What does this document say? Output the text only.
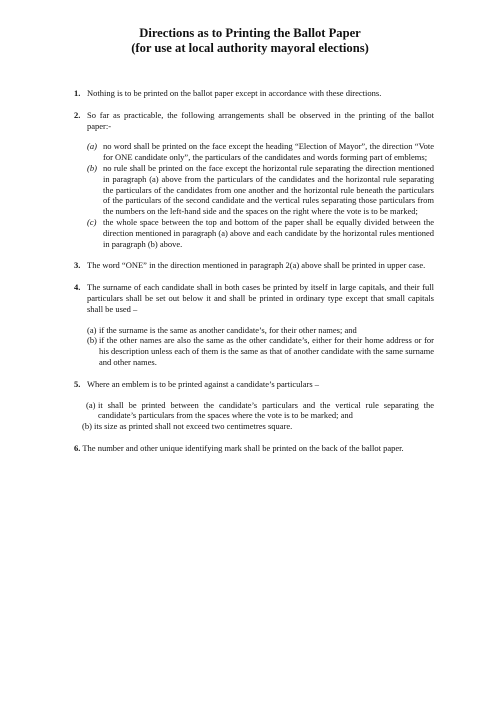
Directions as to Printing the Ballot Paper
(for use at local authority mayoral elections)
1. Nothing is to be printed on the ballot paper except in accordance with these directions.
2. So far as practicable, the following arrangements shall be observed in the printing of the ballot paper:-
(a) no word shall be printed on the face except the heading “Election of Mayor”, the direction “Vote for ONE candidate only”, the particulars of the candidates and words forming part of emblems;
(b) no rule shall be printed on the face except the horizontal rule separating the direction mentioned in paragraph (a) above from the particulars of the candidates and the horizontal rule separating the particulars of the candidates from one another and the horizontal rule beneath the particulars of the particulars of the second candidate and the vertical rules separating those particulars from the numbers on the left-hand side and the spaces on the right where the vote is to be marked;
(c) the whole space between the top and bottom of the paper shall be equally divided between the direction mentioned in paragraph (a) above and each candidate by the horizontal rules mentioned in paragraph (b) above.
3. The word “ONE” in the direction mentioned in paragraph 2(a) above shall be printed in upper case.
4. The surname of each candidate shall in both cases be printed by itself in large capitals, and their full particulars shall be set out below it and shall be printed in ordinary type except that small capitals shall be used –
(a) if the surname is the same as another candidate’s, for their other names; and
(b) if the other names are also the same as the other candidate’s, either for their home address or for his description unless each of them is the same as that of another candidate with the same surname and other names.
5. Where an emblem is to be printed against a candidate’s particulars –
(a) it shall be printed between the candidate’s particulars and the vertical rule separating the candidate’s particulars from the spaces where the vote is to be marked; and
(b) its size as printed shall not exceed two centimetres square.
6. The number and other unique identifying mark shall be printed on the back of the ballot paper.
